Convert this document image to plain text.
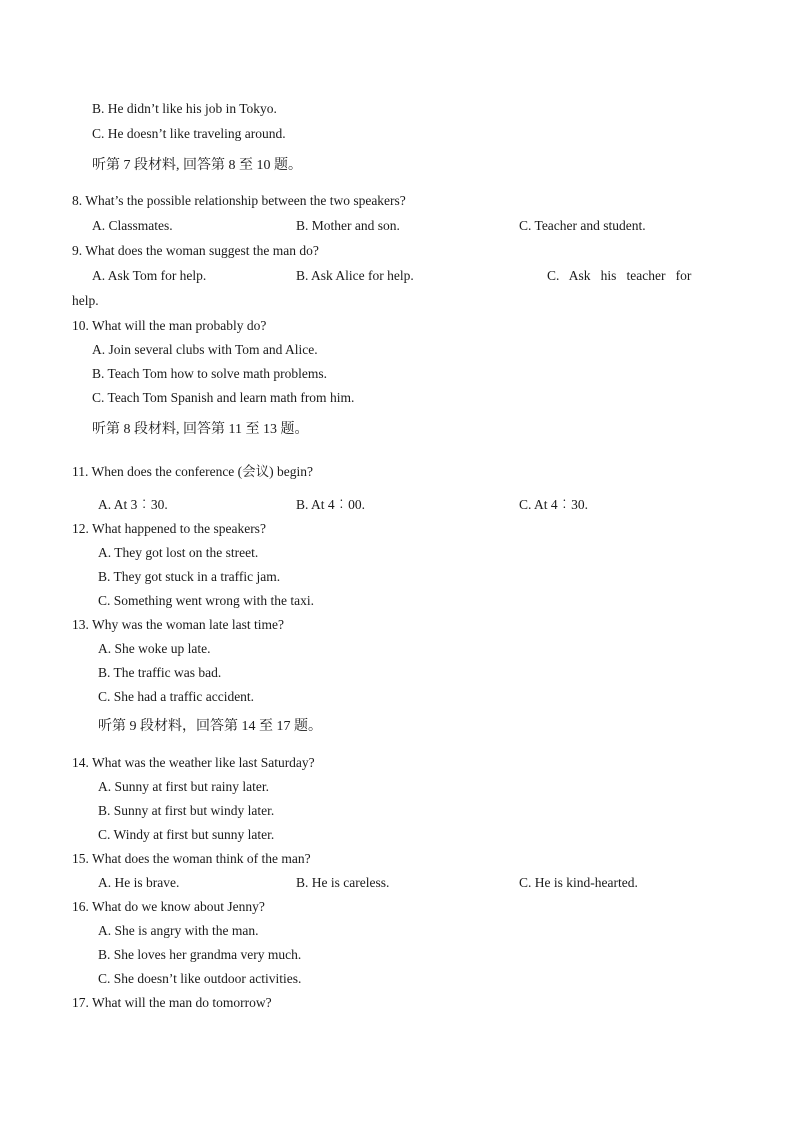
B. He didn’t like his job in Tokyo.
C. He doesn’t like traveling around.
听第 7 段材料, 回答第 8 至 10 题。
8. What’s the possible relationship between the two speakers?
A. Classmates.	B. Mother and son.	C. Teacher and student.
9. What does the woman suggest the man do?
A. Ask Tom for help.	B. Ask Alice for help.	C.   Ask   his   teacher   for
help.
10. What will the man probably do?
A. Join several clubs with Tom and Alice.
B. Teach Tom how to solve math problems.
C. Teach Tom Spanish and learn math from him.
听第 8 段材料, 回答第 11 至 13 题。
11. When does the conference (会议) begin?
A. At 3︰30.	B. At 4︰00.	C. At 4︰30.
12. What happened to the speakers?
A. They got lost on the street.
B. They got stuck in a traffic jam.
C. Something went wrong with the taxi.
13. Why was the woman late last time?
A. She woke up late.
B. The traffic was bad.
C. She had a traffic accident.
听第 9 段材料，回答第 14 至 17 题。
14. What was the weather like last Saturday?
A. Sunny at first but rainy later.
B. Sunny at first but windy later.
C. Windy at first but sunny later.
15. What does the woman think of the man?
A. He is brave.	B. He is careless.	C. He is kind-hearted.
16. What do we know about Jenny?
A. She is angry with the man.
B. She loves her grandma very much.
C. She doesn’t like outdoor activities.
17. What will the man do tomorrow?
